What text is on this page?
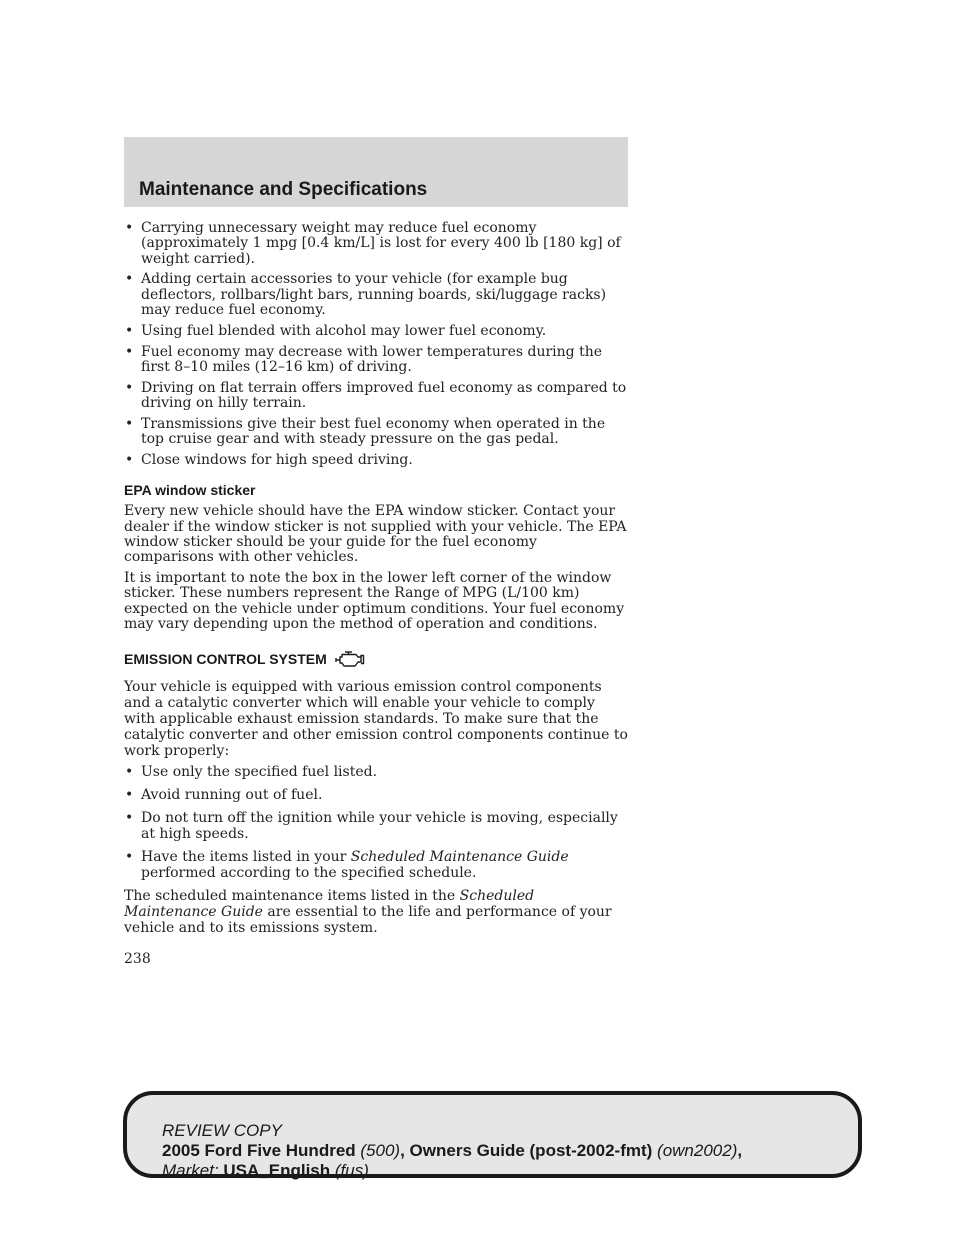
Maintenance and Specifications
• Carrying unnecessary weight may reduce fuel economy (approximately 1 mpg [0.4 km/L] is lost for every 400 lb [180 kg] of weight carried).
• Adding certain accessories to your vehicle (for example bug deflectors, rollbars/light bars, running boards, ski/luggage racks) may reduce fuel economy.
• Using fuel blended with alcohol may lower fuel economy.
• Fuel economy may decrease with lower temperatures during the first 8–10 miles (12–16 km) of driving.
• Driving on flat terrain offers improved fuel economy as compared to driving on hilly terrain.
• Transmissions give their best fuel economy when operated in the top cruise gear and with steady pressure on the gas pedal.
• Close windows for high speed driving.
EPA window sticker

Every new vehicle should have the EPA window sticker. Contact your dealer if the window sticker is not supplied with your vehicle. The EPA window sticker should be your guide for the fuel economy comparisons with other vehicles.

It is important to note the box in the lower left corner of the window sticker. These numbers represent the Range of MPG (L/100 km) expected on the vehicle under optimum conditions. Your fuel economy may vary depending upon the method of operation and conditions.

EMISSION CONTROL SYSTEM

Your vehicle is equipped with various emission control components and a catalytic converter which will enable your vehicle to comply with applicable exhaust emission standards. To make sure that the catalytic converter and other emission control components continue to work properly:

• Use only the specified fuel listed.
• Avoid running out of fuel.
• Do not turn off the ignition while your vehicle is moving, especially at high speeds.
• Have the items listed in your Scheduled Maintenance Guide performed according to the specified schedule.

The scheduled maintenance items listed in the Scheduled Maintenance Guide are essential to the life and performance of your vehicle and to its emissions system.

238
REVIEW COPY
2005 Ford Five Hundred (500), Owners Guide (post-2002-fmt) (own2002),
Market: USA_English (fus)
